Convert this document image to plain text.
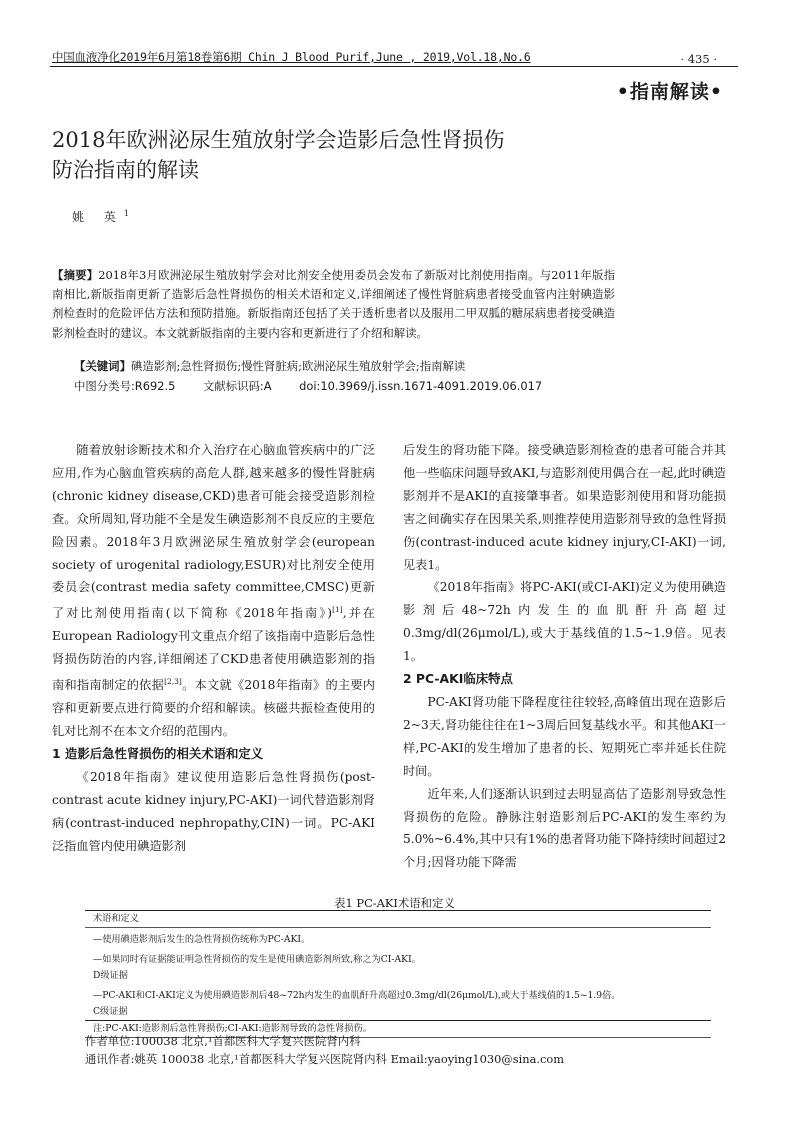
中国血液净化2019年6月第18卷第6期 Chin J Blood Purif,June , 2019,Vol.18,No.6	· 435 ·
•指南解读•
2018年欧洲泌尿生殖放射学会造影后急性肾损伤
防治指南的解读
姚 英$^1$
【摘要】2018年3月欧洲泌尿生殖放射学会对比剂安全使用委员会发布了新版对比剂使用指南。与2011年版指南相比,新版指南更新了造影后急性肾损伤的相关术语和定义,详细阐述了慢性肾脏病患者接受血管内注射碘造影剂检查时的危险评估方法和预防措施。新版指南还包括了关于透析患者以及服用二甲双胍的糖尿病患者接受碘造影剂检查时的建议。本文就新版指南的主要内容和更新进行了介绍和解读。
【关键词】碘造影剂;急性肾损伤;慢性肾脏病;欧洲泌尿生殖放射学会;指南解读
中图分类号:R692.5 文献标识码:A doi:10.3969/j.issn.1671-4091.2019.06.017

随着放射诊断技术和介入治疗在心脑血管疾病中的广泛应用,作为心脑血管疾病的高危人群,越来越多的慢性肾脏病(chronic kidney disease,CKD)患者可能会接受造影剂检查。众所周知,肾功能不全是发生碘造影剂不良反应的主要危险因素。2018年3月欧洲泌尿生殖放射学会(european society of urogenital radiology,ESUR)对比剂安全使用委员会(contrast media safety committee,CMSC)更新了对比剂使用指南(以下简称《2018年指南》)[1],并在European Radiology刊文重点介绍了该指南中造影后急性肾损伤防治的内容,详细阐述了CKD患者使用碘造影剂的指南和指南制定的依据[2,3]。本文就《2018年指南》的主要内容和更新要点进行简要的介绍和解读。核磁共振检查使用的钆对比剂不在本文介绍的范围内。

1 造影后急性肾损伤的相关术语和定义

《2018年指南》建议使用造影后急性肾损伤(post-contrast acute kidney injury,PC-AKI)一词代替造影剂肾病(contrast-induced nephropathy,CIN)一词。PC-AKI泛指血管内使用碘造影剂

后发生的肾功能下降。接受碘造影剂检查的患者可能合并其他一些临床问题导致AKI,与造影剂使用偶合在一起,此时碘造影剂并不是AKI的直接肇事者。如果造影剂使用和肾功能损害之间确实存在因果关系,则推荐使用造影剂导致的急性肾损伤(contrast-induced acute kidney injury,CI-AKI)一词,见表1。

《2018年指南》将PC-AKI(或CI-AKI)定义为使用碘造影剂后48~72h内发生的血肌酐升高超过0.3mg/dl(26μmol/L),或大于基线值的1.5~1.9倍。见表1。

2 PC-AKI临床特点

PC-AKI肾功能下降程度往往较轻,高峰值出现在造影后2~3天,肾功能往往在1~3周后回复基线水平。和其他AKI一样,PC-AKI的发生增加了患者的长、短期死亡率并延长住院时间。

近年来,人们逐渐认识到过去明显高估了造影剂导致急性肾损伤的危险。静脉注射造影剂后PC-AKI的发生率约为5.0%~6.4%,其中只有1%的患者肾功能下降持续时间超过2个月;因肾功能下降需

表1 PC-AKI术语和定义
术语和定义
—使用碘造影剂后发生的急性肾损伤统称为PC-AKI。
—如果同时有证据能证明急性肾损伤的发生是使用碘造影剂所致,称之为CI-AKI。
D级证据
—PC-AKI和CI-AKI定义为使用碘造影剂后48~72h内发生的血肌酐升高超过0.3mg/dl(26μmol/L),或大于基线值的1.5~1.9倍。
C级证据
注:PC-AKI:造影剂后急性肾损伤;CI-AKI:造影剂导致的急性肾损伤。
作者单位:100038 北京,¹首都医科大学复兴医院肾内科
通讯作者:姚英 100038 北京,¹首都医科大学复兴医院肾内科 Email:yaoying1030@sina.com
